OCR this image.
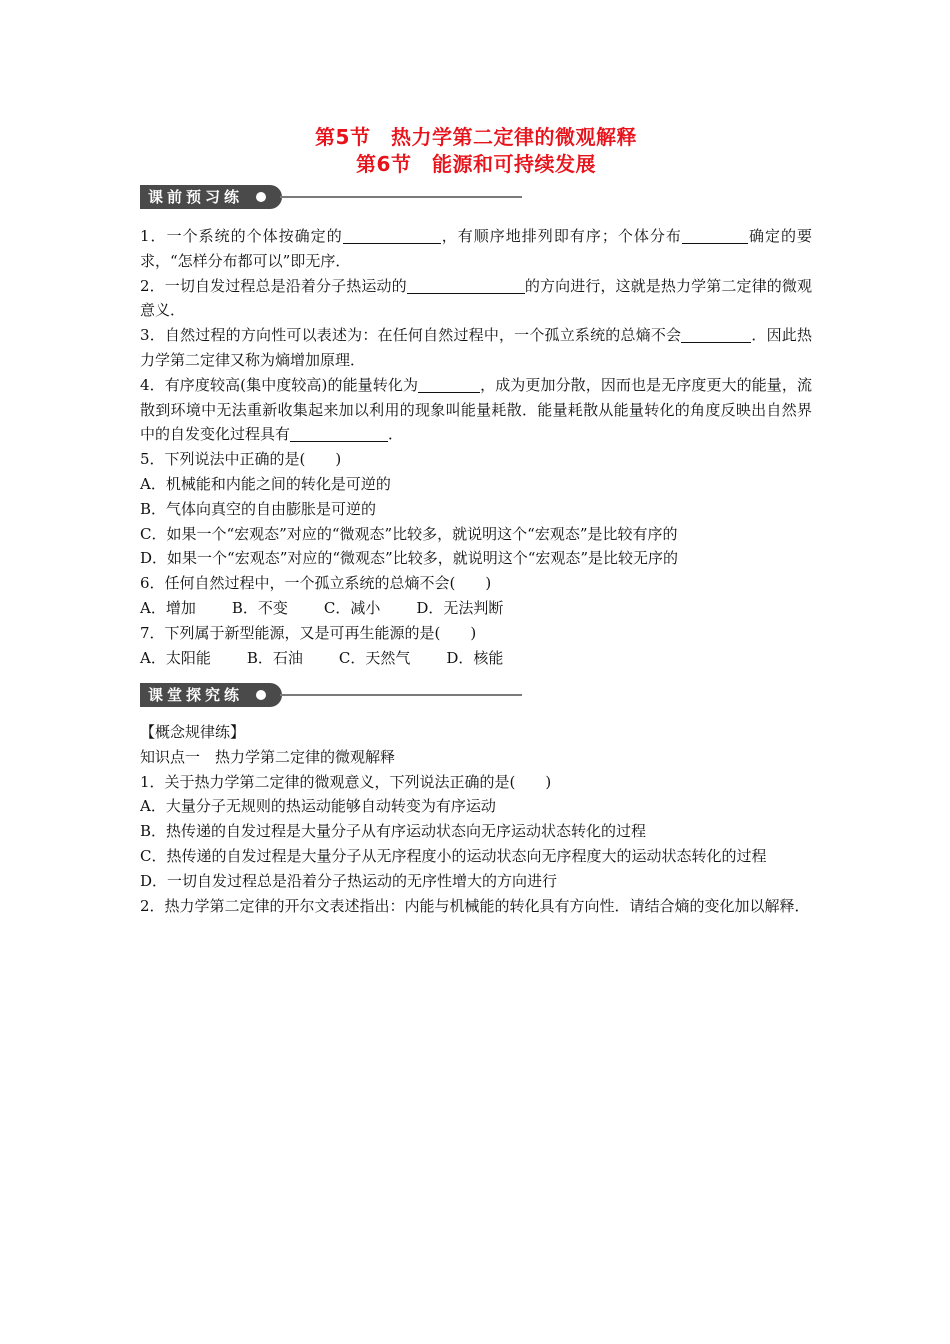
第5节　热力学第二定律的微观解释
第6节　能源和可持续发展
课前预习练

1．一个系统的个体按确定的	，有顺序地排列即有序；个体分布	确定的要求，“怎样分布都可以”即无序．

2．一切自发过程总是沿着分子热运动的	的方向进行，这就是热力学第二定律的微观意义．

3．自然过程的方向性可以表述为：在任何自然过程中，一个孤立系统的总熵不会	．因此热力学第二定律又称为熵增加原理．

4．有序度较高(集中度较高)的能量转化为	，成为更加分散，因而也是无序度更大的能量，流散到环境中无法重新收集起来加以利用的现象叫能量耗散．能量耗散从能量转化的角度反映出自然界中的自发变化过程具有	．

5．下列说法中正确的是(　　)

A．机械能和内能之间的转化是可逆的

B．气体向真空的自由膨胀是可逆的

C．如果一个“宏观态”对应的“微观态”比较多，就说明这个“宏观态”是比较有序的

D．如果一个“宏观态”对应的“微观态”比较多，就说明这个“宏观态”是比较无序的

6．任何自然过程中，一个孤立系统的总熵不会(　　)

A．增加 B．不变 C．减小 D．无法判断

7．下列属于新型能源，又是可再生能源的是(　　)

A．太阳能 B．石油 C．天然气 D．核能

课堂探究练

【概念规律练】

知识点一　热力学第二定律的微观解释

1．关于热力学第二定律的微观意义，下列说法正确的是(　　)

A．大量分子无规则的热运动能够自动转变为有序运动

B．热传递的自发过程是大量分子从有序运动状态向无序运动状态转化的过程

C．热传递的自发过程是大量分子从无序程度小的运动状态向无序程度大的运动状态转化的过程

D．一切自发过程总是沿着分子热运动的无序性增大的方向进行

2．热力学第二定律的开尔文表述指出：内能与机械能的转化具有方向性．请结合熵的变化加以解释．
